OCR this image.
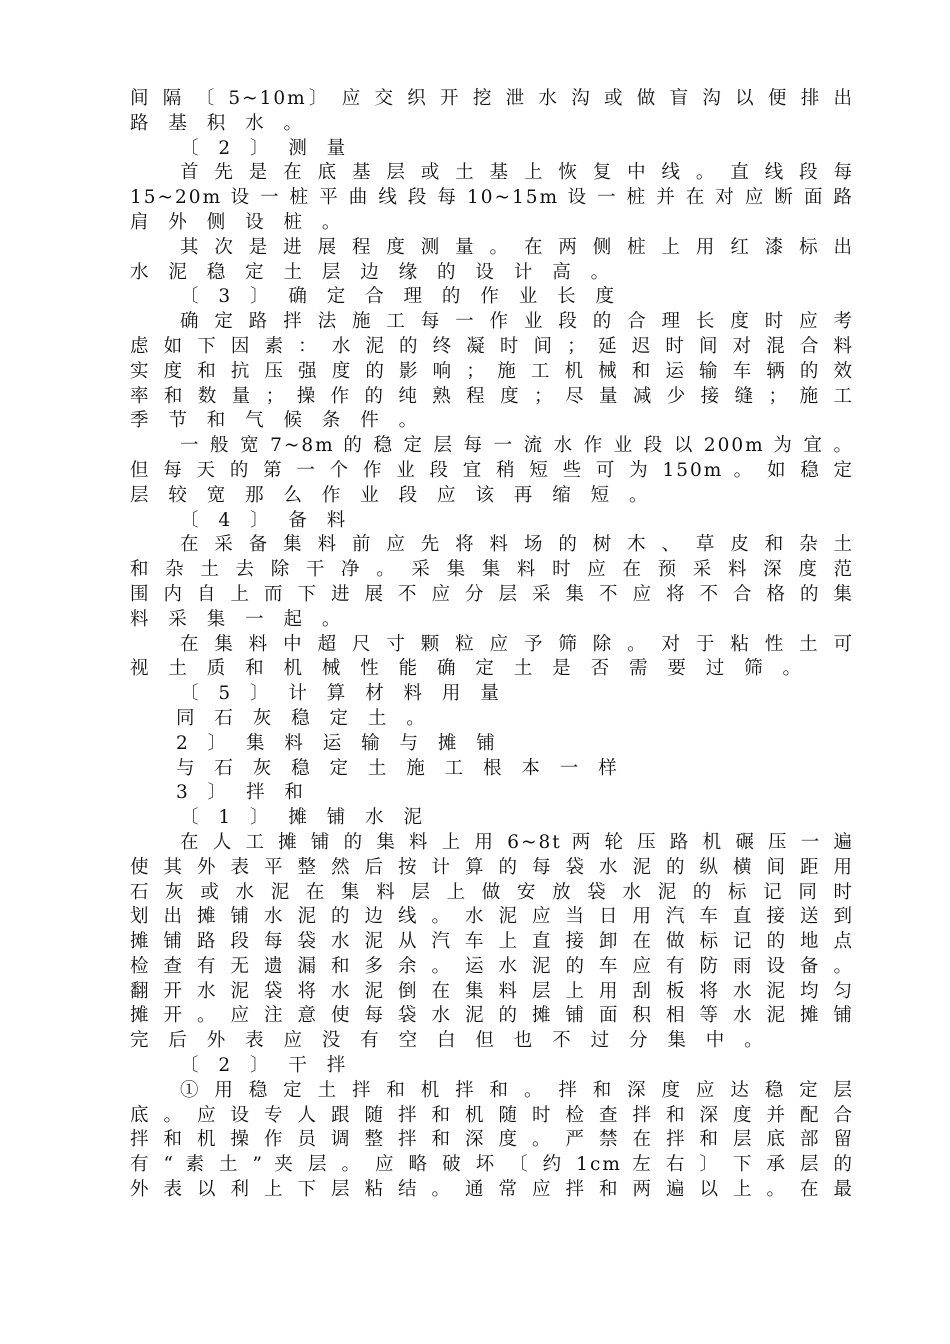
间 隔 〔 5~10m〕 应 交 织 开 挖 泄 水 沟 或 做 盲 沟 以 便 排 出
路 基 积 水 。
〔 2 〕 测 量
首 先 是 在 底 基 层 或 土 基 上 恢 复 中 线 。 直 线 段 每
15~20m 设 一 桩 平 曲 线 段 每 10~15m 设 一 桩 并 在 对 应 断 面 路
肩 外 侧 设 桩 。
其 次 是 进 展 程 度 测 量 。 在 两 侧 桩 上 用 红 漆 标 出
水 泥 稳 定 土 层 边 缘 的 设 计 高 。
〔 3 〕 确 定 合 理 的 作 业 长 度
确 定 路 拌 法 施 工 每 一 作 业 段 的 合 理 长 度 时 应 考
虑 如 下 因 素 ： 水 泥 的 终 凝 时 间 ； 延 迟 时 间 对 混 合 料
实 度 和 抗 压 强 度 的 影 响 ； 施 工 机 械 和 运 输 车 辆 的 效
率 和 数 量 ； 操 作 的 纯 熟 程 度 ； 尽 量 减 少 接 缝 ； 施 工
季 节 和 气 候 条 件 。
一 般 宽 7~8m 的 稳 定 层 每 一 流 水 作 业 段 以 200m 为 宜 。
但 每 天 的 第 一 个 作 业 段 宜 稍 短 些 可 为 150m 。 如 稳 定
层 较 宽 那 么 作 业 段 应 该 再 缩 短 。
〔 4 〕 备 料
在 采 备 集 料 前 应 先 将 料 场 的 树 木 、 草 皮 和 杂 土
和 杂 土 去 除 干 净 。 采 集 集 料 时 应 在 预 采 料 深 度 范
围 内 自 上 而 下 进 展 不 应 分 层 采 集 不 应 将 不 合 格 的 集
料 采 集 一 起 。
在 集 料 中 超 尺 寸 颗 粒 应 予 筛 除 。 对 于 粘 性 土 可
视 土 质 和 机 械 性 能 确 定 土 是 否 需 要 过 筛 。
〔 5 〕 计 算 材 料 用 量
同 石 灰 稳 定 土 。
2 〕 集 料 运 输 与 摊 铺
与 石 灰 稳 定 土 施 工 根 本 一 样
3 〕 拌 和
〔 1 〕 摊 铺 水 泥
在 人 工 摊 铺 的 集 料 上 用 6~8t 两 轮 压 路 机 碾 压 一 遍
使 其 外 表 平 整 然 后 按 计 算 的 每 袋 水 泥 的 纵 横 间 距 用
石 灰 或 水 泥 在 集 料 层 上 做 安 放 袋 水 泥 的 标 记 同 时
划 出 摊 铺 水 泥 的 边 线 。 水 泥 应 当 日 用 汽 车 直 接 送 到
摊 铺 路 段 每 袋 水 泥 从 汽 车 上 直 接 卸 在 做 标 记 的 地 点
检 查 有 无 遗 漏 和 多 余 。 运 水 泥 的 车 应 有 防 雨 设 备 。
翻 开 水 泥 袋 将 水 泥 倒 在 集 料 层 上 用 刮 板 将 水 泥 均 匀
摊 开 。 应 注 意 使 每 袋 水 泥 的 摊 铺 面 积 相 等 水 泥 摊 铺
完 后 外 表 应 没 有 空 白 但 也 不 过 分 集 中 。
〔 2 〕 干 拌
① 用 稳 定 土 拌 和 机 拌 和 。 拌 和 深 度 应 达 稳 定 层
底 。 应 设 专 人 跟 随 拌 和 机 随 时 检 查 拌 和 深 度 并 配 合
拌 和 机 操 作 员 调 整 拌 和 深 度 。 严 禁 在 拌 和 层 底 部 留
有 “ 素 土 ” 夹 层 。 应 略 破 坏 〔 约 1cm 左 右 〕 下 承 层 的
外 表 以 利 上 下 层 粘 结 。 通 常 应 拌 和 两 遍 以 上 。 在 最
